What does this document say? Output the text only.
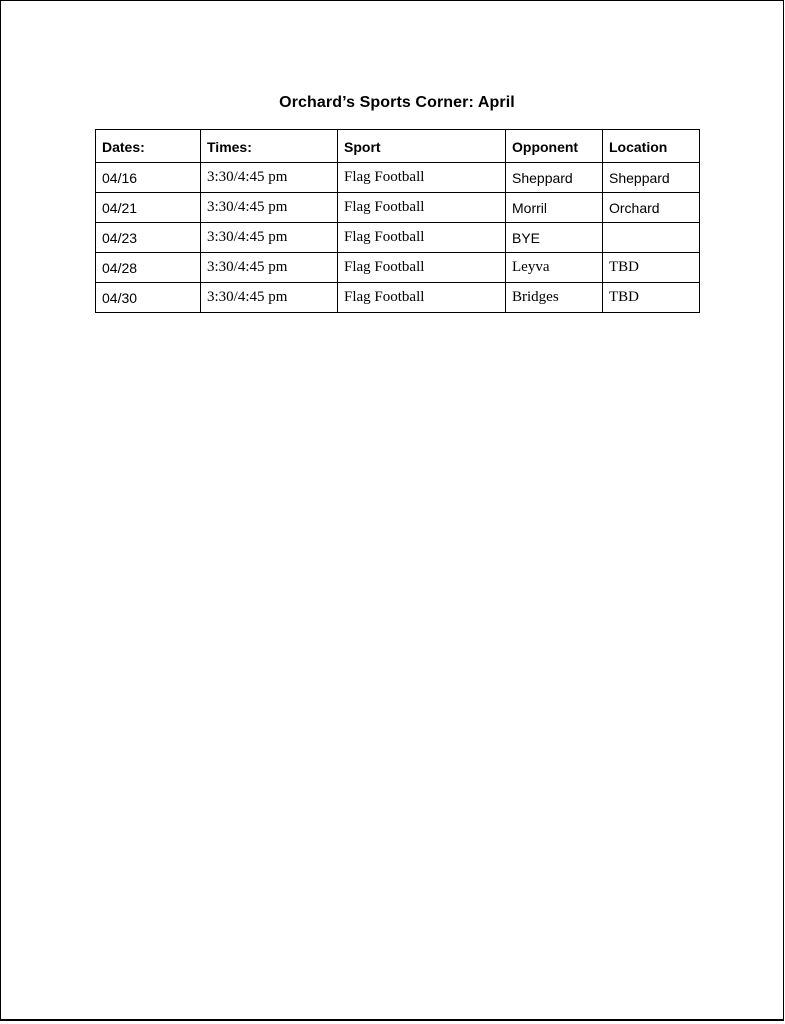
Orchard’s Sports Corner: April
Dates:	Times:	Sport	Opponent	Location
04/16	3:30/4:45 pm	Flag Football	Sheppard	Sheppard
04/21	3:30/4:45 pm	Flag Football	Morril	Orchard
04/23	3:30/4:45 pm	Flag Football	BYE	
04/28	3:30/4:45 pm	Flag Football	Leyva	TBD
04/30	3:30/4:45 pm	Flag Football	Bridges	TBD
